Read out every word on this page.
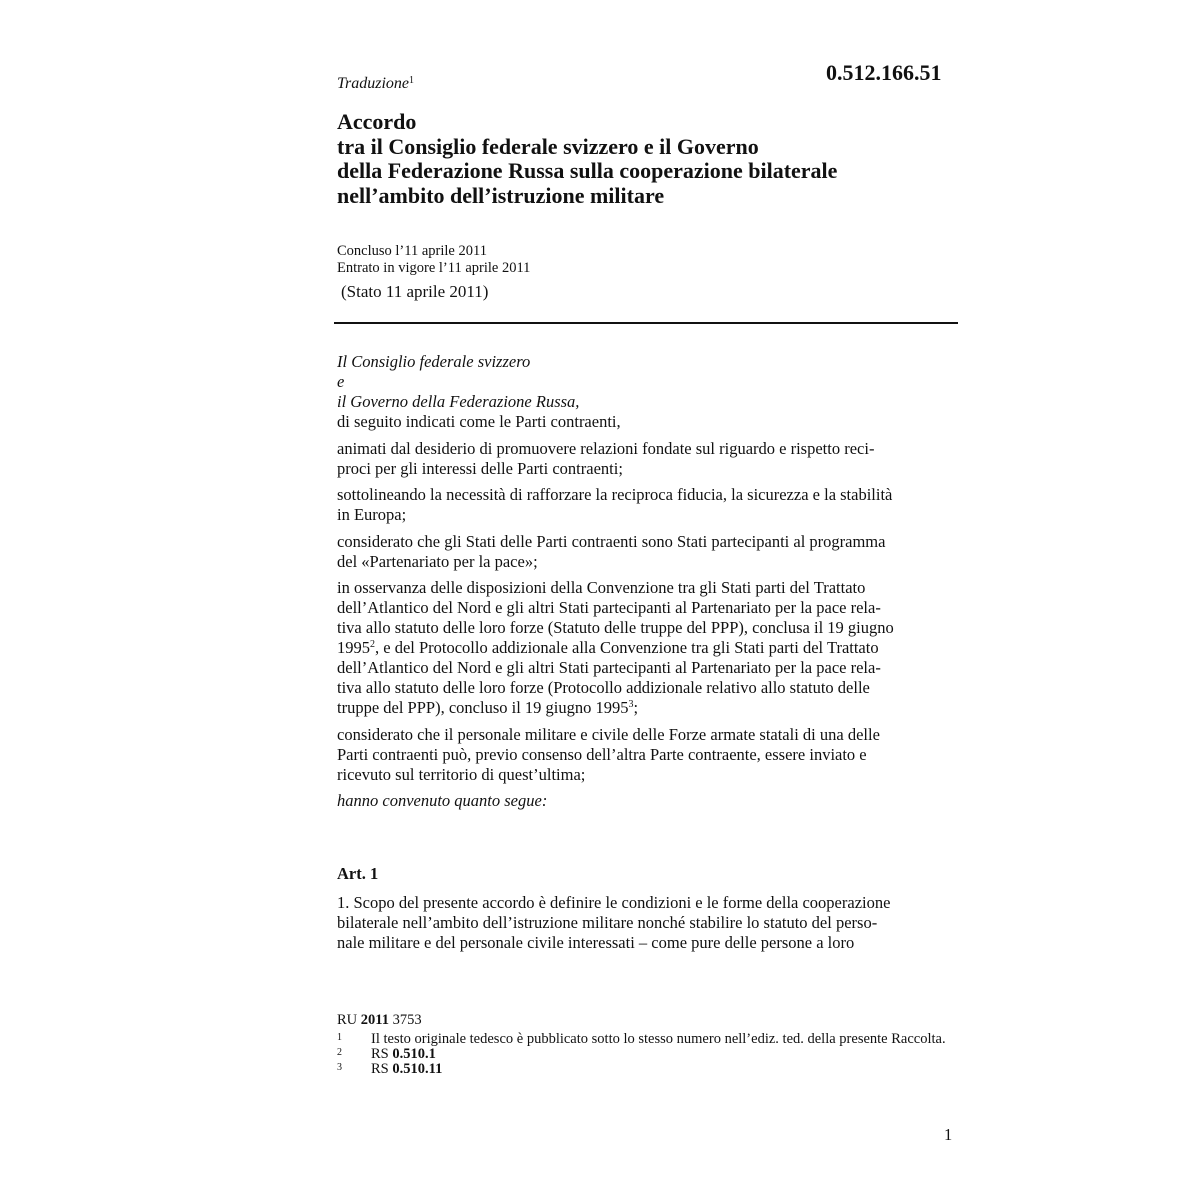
0.512.166.51
Traduzione$^1$
Accordo
tra il Consiglio federale svizzero e il Governo
della Federazione Russa sulla cooperazione bilaterale
nell’ambito dell’istruzione militare
Concluso l’11 aprile 2011
Entrato in vigore l’11 aprile 2011
(Stato 11 aprile 2011)

Il Consiglio federale svizzero
e
il Governo della Federazione Russa,
di seguito indicati come le Parti contraenti,

animati dal desiderio di promuovere relazioni fondate sul riguardo e rispetto reci-
proci per gli interessi delle Parti contraenti;

sottolineando la necessità di rafforzare la reciproca fiducia, la sicurezza e la stabilità
in Europa;

considerato che gli Stati delle Parti contraenti sono Stati partecipanti al programma
del «Partenariato per la pace»;

in osservanza delle disposizioni della Convenzione tra gli Stati parti del Trattato
dell’Atlantico del Nord e gli altri Stati partecipanti al Partenariato per la pace rela-
tiva allo statuto delle loro forze (Statuto delle truppe del PPP), conclusa il 19 giugno
1995$^2$, e del Protocollo addizionale alla Convenzione tra gli Stati parti del Trattato
dell’Atlantico del Nord e gli altri Stati partecipanti al Partenariato per la pace rela-
tiva allo statuto delle loro forze (Protocollo addizionale relativo allo statuto delle
truppe del PPP), concluso il 19 giugno 1995$^3$;

considerato che il personale militare e civile delle Forze armate statali di una delle
Parti contraenti può, previo consenso dell’altra Parte contraente, essere inviato e
ricevuto sul territorio di quest’ultima;

hanno convenuto quanto segue:

Art. 1
1. Scopo del presente accordo è definire le condizioni e le forme della cooperazione
bilaterale nell’ambito dell’istruzione militare nonché stabilire lo statuto del perso-
nale militare e del personale civile interessati – come pure delle persone a loro
RU 2011 3753
1 Il testo originale tedesco è pubblicato sotto lo stesso numero nell’ediz. ted. della presente Raccolta.
2 RS 0.510.1
3 RS 0.510.11
1
